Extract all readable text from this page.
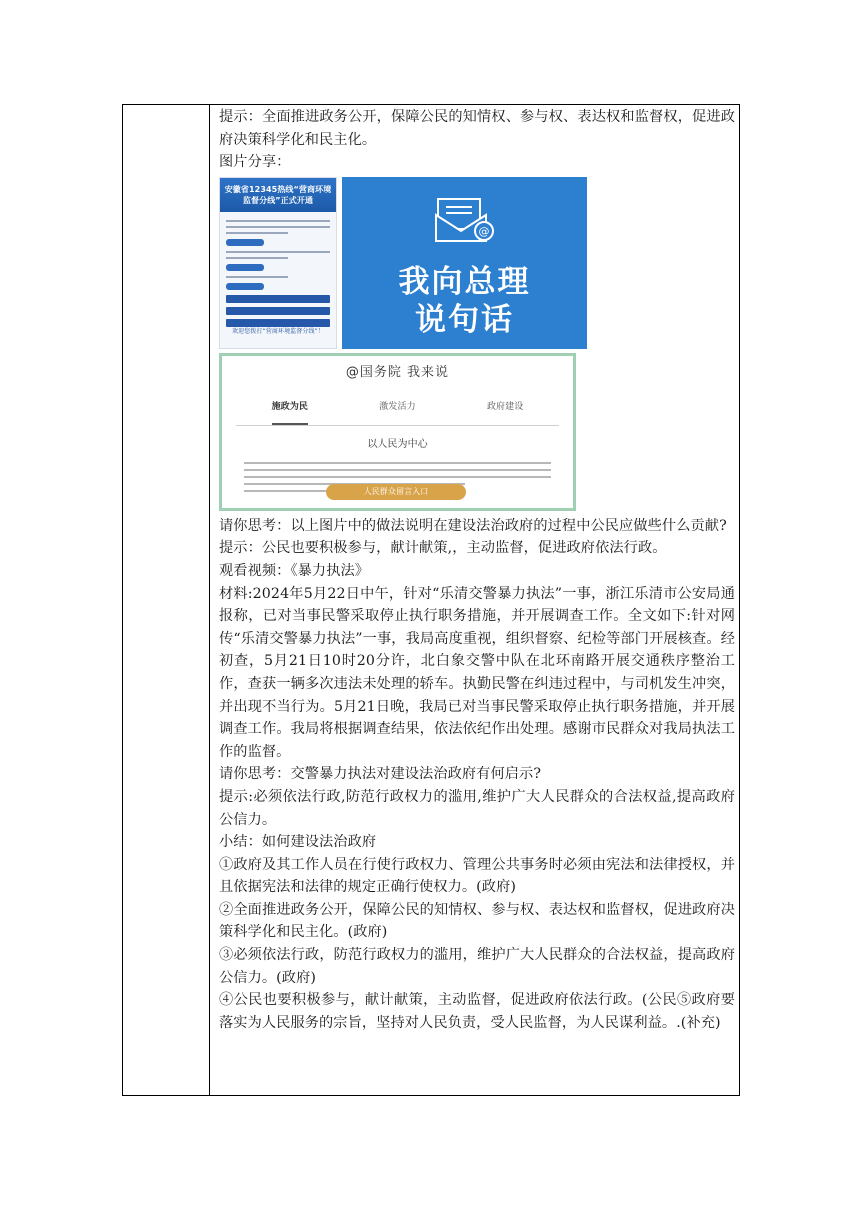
提示：全面推进政务公开，保障公民的知情权、参与权、表达权和监督权，促进政府决策科学化和民主化。

图片分享：

安徽省12345热线“营商环境监督分线”正式开通
欢迎您拨打“营商环境监督分线”！
@
我向总理
说句话
@国务院 我来说
施政为民	激发活力	政府建设
以人民为中心
人民群众留言入口

请你思考：以上图片中的做法说明在建设法治政府的过程中公民应做些什么贡献?

提示：公民也要积极参与，献计献策,，主动监督，促进政府依法行政。

观看视频：《暴力执法》

材料:2024年5月22日中午，针对“乐清交警暴力执法”一事，浙江乐清市公安局通报称，已对当事民警采取停止执行职务措施，并开展调查工作。全文如下:针对网传“乐清交警暴力执法”一事，我局高度重视，组织督察、纪检等部门开展核查。经初查，5月21日10时20分许，北白象交警中队在北环南路开展交通秩序整治工作，查获一辆多次违法未处理的轿车。执勤民警在纠违过程中，与司机发生冲突，并出现不当行为。5月21日晚，我局已对当事民警采取停止执行职务措施，并开展调查工作。我局将根据调查结果，依法依纪作出处理。感谢市民群众对我局执法工作的监督。

请你思考：交警暴力执法对建设法治政府有何启示?

提示:必须依法行政,防范行政权力的滥用,维护广大人民群众的合法权益,提高政府公信力。

小结：如何建设法治政府

①政府及其工作人员在行使行政权力、管理公共事务时必须由宪法和法律授权，并且依据宪法和法律的规定正确行使权力。(政府)

②全面推进政务公开，保障公民的知情权、参与权、表达权和监督权，促进政府决策科学化和民主化。(政府)

③必须依法行政，防范行政权力的滥用，维护广大人民群众的合法权益，提高政府公信力。(政府)

④公民也要积极参与，献计献策，主动监督，促进政府依法行政。(公民⑤政府要落实为人民服务的宗旨，坚持对人民负责，受人民监督，为人民谋利益。.(补充)
